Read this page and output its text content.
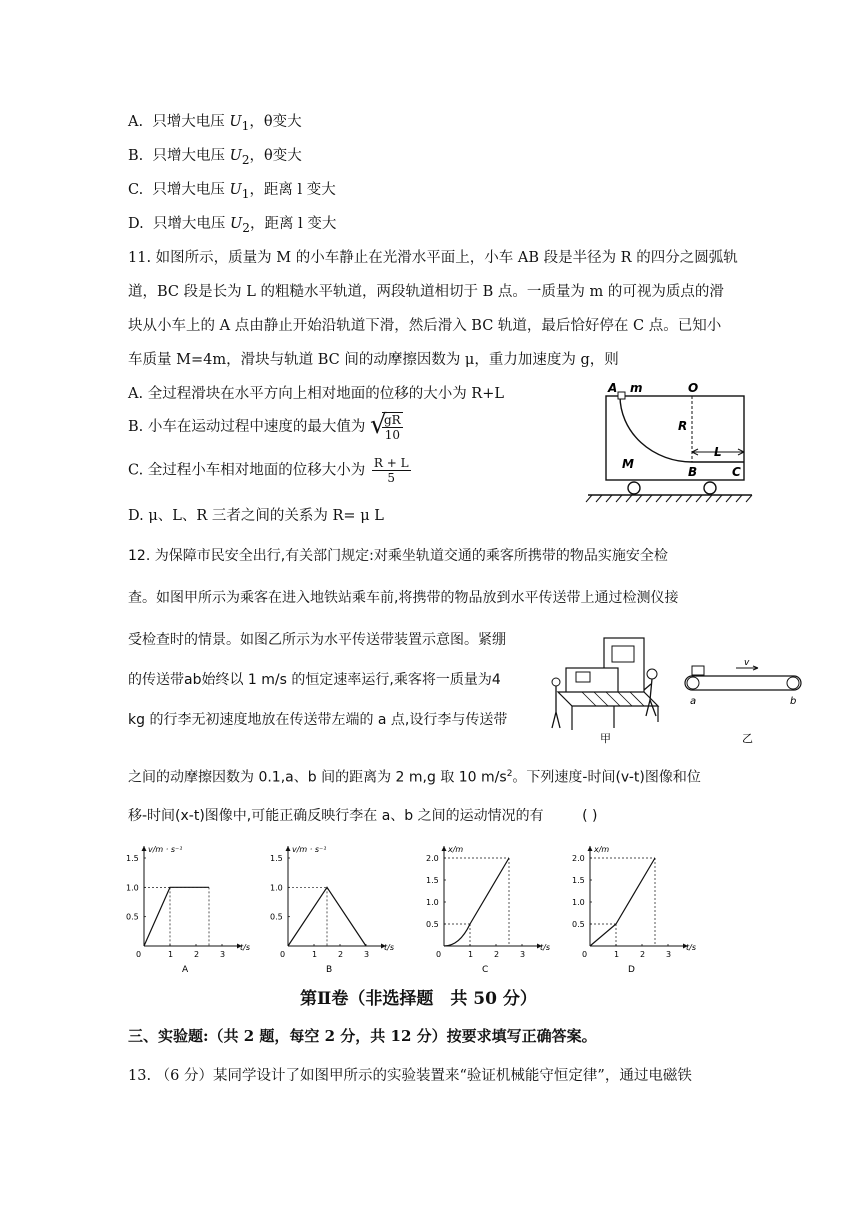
A. 只增大电压 $U_1$，θ变大
B. 只增大电压 $U_2$，θ变大
C. 只增大电压 $U_1$，距离 l 变大
D. 只增大电压 $U_2$，距离 l 变大
11. 如图所示，质量为 M 的小车静止在光滑水平面上，小车 AB 段是半径为 R 的四分之圆弧轨
道，BC 段是长为 L 的粗糙水平轨道，两段轨道相切于 B 点。一质量为 m 的可视为质点的滑
块从小车上的 A 点由静止开始沿轨道下滑，然后滑入 BC 轨道，最后恰好停在 C 点。已知小
车质量 M=4m，滑块与轨道 BC 间的动摩擦因数为 μ，重力加速度为 g，则
A. 全过程滑块在水平方向上相对地面的位移的大小为 R+L
B. 小车在运动过程中速度的最大值为 √
$\frac{gR}{10}$
C. 全过程小车相对地面的位移大小为 $\frac{R + L}{5}$
D. μ、L、R 三者之间的关系为 R= μ L
A m	O
R
M
L
B	C
12. 为保障市民安全出行,有关部门规定:对乘坐轨道交通的乘客所携带的物品实施安全检
查。如图甲所示为乘客在进入地铁站乘车前,将携带的物品放到水平传送带上通过检测仪接
受检查时的情景。如图乙所示为水平传送带装置示意图。紧绷
的传送带ab始终以 1 m/s 的恒定速率运行,乘客将一质量为4
kg 的行李无初速度地放在传送带左端的 a 点,设行李与传送带
之间的动摩擦因数为 0.1,a、b 间的距离为 2 m,g 取 10 $m/s^2$。下列速度-时间(v-t)图像和位
移-时间(x-t)图像中,可能正确反映行李在 a、b 之间的运动情况的有	( )
甲
v
a	b
乙
v/m · s⁻¹
t/s
0	1	2	3
0.5
1.0
1.5
A
v/m · s⁻¹
t/s
0	1	2	3
0.5
1.0
1.5
B
x/m
t/s
0	1	2	3
0.5
1.0
1.5
2.0
C
x/m
t/s
0	1	2	3
0.5
1.0
1.5
2.0
D
第Ⅱ卷（非选择题　共 50 分）
三、实验题:（共 2 题，每空 2 分，共 12 分）按要求填写正确答案。
13. （6 分）某同学设计了如图甲所示的实验装置来“验证机械能守恒定律”，通过电磁铁
